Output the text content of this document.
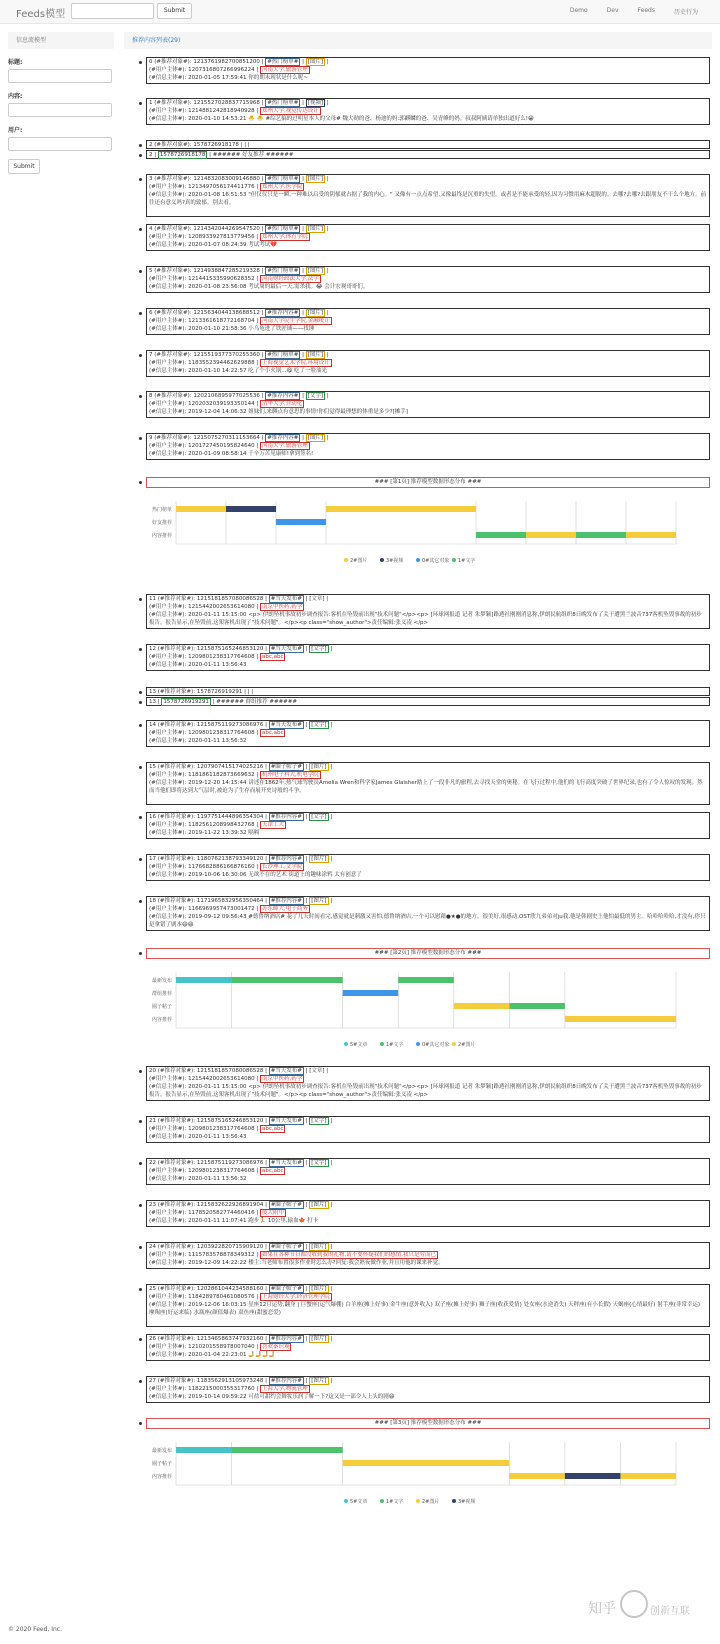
Feeds模型	Submit	Demo	Dev	Feeds	历史行为
信息流模型
标题:
内容:
用户:
Submit
推荐内容列表(29)
0 (#推荐对象#): 1213761982700851200 | #热门榜单# | [图片] |
(#用户主体#): 1207316807266996224 | 河南大学,旅游管理
(#信息主体#): 2020-01-05 17:59:41 你的期末现状是什么呢~
1 (#推荐对象#): 1215527028837715968 | #热门榜单# | [视频] |
(#用户主体#): 1214881242818940928 | 郑州大学,视觉传达设计
(#信息主体#): 2020-01-10 14:53:21 🐣 🐣 #综艺搞的过明星本人的父母# 魏大勋的爸、杨迪的妈:郭麒麟的爸、吴青峰的妈。叔叔阿姨请单独出道好么!😁
2 (#推荐对象#): 1578726918178 | | |
2 | 1578726918178 | ###### 好友推荐 ######
3 (#推荐对象#): 1214832083009146880 | #热门榜单# | [图片] |
(#用户主体#): 1213497056174411776 | 郑州大学,医学院
(#信息主体#): 2020-01-08 16:51:53 "但仅仅只是一瞬,一种难以启受的阴郁就占据了我的内心。" 又像有一点点希望,又像最终是沉重的失望。或者是不能承受的轻,因为习惯用麻木超脱的。去哪?去哪?去跟朋友不干么个地方。前往还有意义吗?真的致郁。别去看。
4 (#推荐对象#): 1214342044269547520 | #热门榜单# | [图片] |
(#用户主体#): 1208933927813779456 | 郑州大学,体育学院
(#信息主体#): 2020-01-07 08:24:39 考试考试💔
5 (#推荐对象#): 1214938847285219328 | #热门榜单# | [图片] |
(#用户主体#): 1214415335990628352 | 河南财经政法大学,法学
(#信息主体#): 2020-01-08 23:56:08 考试周的最后一天,需杀我。😂 会计宏观哥哥们。
6 (#推荐对象#): 1215634044138688512 | #推荐内容# | [图片] |
(#用户主体#): 1213361618772168704 | 河南大学民生学院,金融统计
(#信息主体#): 2020-01-10 21:58:36 小乌龟进了铁匠铺——找锤
7 (#推荐对象#): 1215519377370255360 | #热门榜单# | [图片] |
(#用户主体#): 1183552394462629888 | 上海视觉艺术学院,环境设计
(#信息主体#): 2020-01-10 14:22:57 吃了个小火锅...😋 吃了一脸油光
8 (#推荐对象#): 1202106895977025536 | #推荐内容# | [文字] |
(#用户主体#): 1202032039193350144 | 清华大学,自动化
(#信息主体#): 2019-12-04 14:06:32 姐妹们,来聊点有意思的事情!你们觉得最理想的体重是多少?[摊手]
9 (#推荐对象#): 1215075270311153664 | #推荐内容# | [图片] |
(#用户主体#): 1201727450195824640 | 河南大学,旅游管理
(#信息主体#): 2020-01-09 08:58:14 千辛万苦见康师!拿到签名!
11 (#推荐对象#): 1215181857080086528 | #当天发布# | [文章] |
(#用户主体#): 1215442002653614080 | 南京中医药,药学
(#信息主体#): 2020-01-11 15:15:00 <p> 伊朗坠机事故初步调查报告:客机在坠毁前出现"技术问题"</p><p> [环球网报道 记者 朱梦颖]路透社刚刚消息称,伊朗民航组织8日晚发布了关于遭黑兰波音737客机坠毁事故的初步报告。报告显示,在坠毁前,这架客机出现了"技术问题"。</p><p class="show_author">责任编辑:张义凌 </p>
12 (#推荐对象#): 1215875165246853120 | #当天发布# | [文字] |
(#用户主体#): 1209801238317764608 | abc,abc
(#信息主体#): 2020-01-11 13:56:43
13 (#推荐对象#): 1578726919291 | | |
13 | 1578726919291 | ###### 群组推荐 ######
14 (#推荐对象#): 1215875119273086976 | #当天发布# | [文字] |
(#用户主体#): 1209801238317764608 | abc,abc
(#信息主体#): 2020-01-11 13:56:32
15 (#推荐对象#): 1207907415174025216 | #圈子帖子# | [图片] |
(#用户主体#): 1181861182873669632 | 杭州电子科大,机电学院
(#信息主体#): 2019-12-20 14:15:44 讲述在1862年,热气球驾驶员Amelia Wren和科学家James Glaisher踏上了一段非凡的旅程,去寻找天堂的奥秘。在飞行过程中,他们的飞行高度突破了世界纪录,也有了令人惊叹的发现。然而当他们即将达到大气层时,被迫为了生存而展开史诗般的斗争。
16 (#推荐对象#): 1197751444896354304 | #推荐内容# | [文字] |
(#用户主体#): 1182561208998432768 | 天津工大
(#信息主体#): 2019-11-22 13:39:32 嗝嗝
17 (#推荐对象#): 1180762138793349120 | #推荐内容# | [图片] |
(#用户主体#): 1176682886166876160 | 长沙理工,文学院
(#信息主体#): 2019-10-06 16:30:06 无欲不在的艺术 街道上的趣味涂鸦 太有创意了
18 (#推荐对象#): 1171965832956350464 | #推荐内容# | [图片] |
(#用户主体#): 1166969957473001472 | 苏东師大,电子商务
(#信息主体#): 2019-09-12 09:56:43 #德鲁纳酒店# 花了几天时间看完,感觉就是刺激又害怕,德鲁纳酒店,一个可以慰藉●★●的地方。很美好,很感动,OST欣九弟弟对ju我,他是韩剧史上他怕最低的男主。哈哈哈哈哈,才没有,你只是拿错了剧本😄😄
20 (#推荐对象#): 1215181857080086528 | #当天发布# | [文章] |
(#用户主体#): 1215442002653614080 | 南京中医药,药学
(#信息主体#): 2020-01-11 15:15:00 <p> 伊朗坠机事故初步调查报告:客机在坠毁前出现"技术问题"</p><p> [环球网报道 记者 朱梦颖]路透社刚刚消息称,伊朗民航组织8日晚发布了关于遭黑兰波音737客机坠毁事故的初步报告。报告显示,在坠毁前,这架客机出现了"技术问题"。</p><p class="show_author">责任编辑:张义凌 </p>
21 (#推荐对象#): 1215875165246853120 | #当天发布# | [文字] |
(#用户主体#): 1209801238317764608 | abc,abc
(#信息主体#): 2020-01-11 13:56:43
22 (#推荐对象#): 1215875119273086976 | #当天发布# | [文字] |
(#用户主体#): 1209801238317764608 | abc,abc
(#信息主体#): 2020-01-11 13:56:32
23 (#推荐对象#): 1215832622926891904 | #圈子帖子# | [图片] |
(#用户主体#): 1178520582774460416 | 厦大附中
(#信息主体#): 2020-01-11 11:07:41 跑步🏃 10公里,输血🍁 打卡
24 (#推荐对象#): 1203922820715909120 | #圈子帖子# | [图片] |
(#用户主体#): 1115783578878349312 | 如果在各种节日都没收到我的礼物,请不要怀疑我们的感情,我只是穷而已
(#信息主体#): 2019-12-09 14:22:22 楼主:当老师布置很多作业时怎么办?回复:我会熟夜做作业,并且用他的课来补觉。
25 (#推荐对象#): 1202861044234588160 | #圈子帖子# | [图片] |
(#用户主体#): 1184289780461080576 | 上海财经大学,经济管理学院
(#信息主体#): 2019-12-06 16:03:15 星座12月运势,翻身 | 巨蟹座(运气爆棚) 白羊座(摊上好事) 金牛座(意外收入) 双子座(摊上好事) 狮子座(收获爱情) 处女座(水逆消失) 天秤座(有小长假) 天蝎座(心情最好) 射手座(非常幸运) 摩羯座(好运来临) 水瓶座(颜值爆表) 双鱼座(甜蜜恋爱)
26 (#推荐对象#): 1213465863747932160 | #推荐内容# | [图片] |
(#用户主体#): 1210201558978007040 | 喜欢秦识观
(#信息主体#): 2020-01-04 22:23:01 🤳🤳🤳🤳
27 (#推荐对象#): 1183562913105973248 | #推荐内容# | [图片] |
(#用户主体#): 1182215000355317760 | 上海大学,物流管理
(#信息主体#): 2019-10-14 09:59:22 可盐可甜约会舞妆乐润了解一下?这又是一部令人上头的剧😄
### [第1页] 推荐模型数据形态分布 ###
热门榜单
好友推荐
内容推荐
2#图片	3#视频	0#其它对象 1#文字
### [第2页] 推荐模型数据形态分布 ###
最新发布
群组推荐
圈子帖子
内容推荐
5#文章	1#文字	0#其它对象 2#图片
### [第3页] 推荐模型数据形态分布 ###
最新发布
圈子帖子
内容推荐
5#文章	1#文字	2#图片	3#视频
© 2020 Feed, Inc.
知乎	创新互联
